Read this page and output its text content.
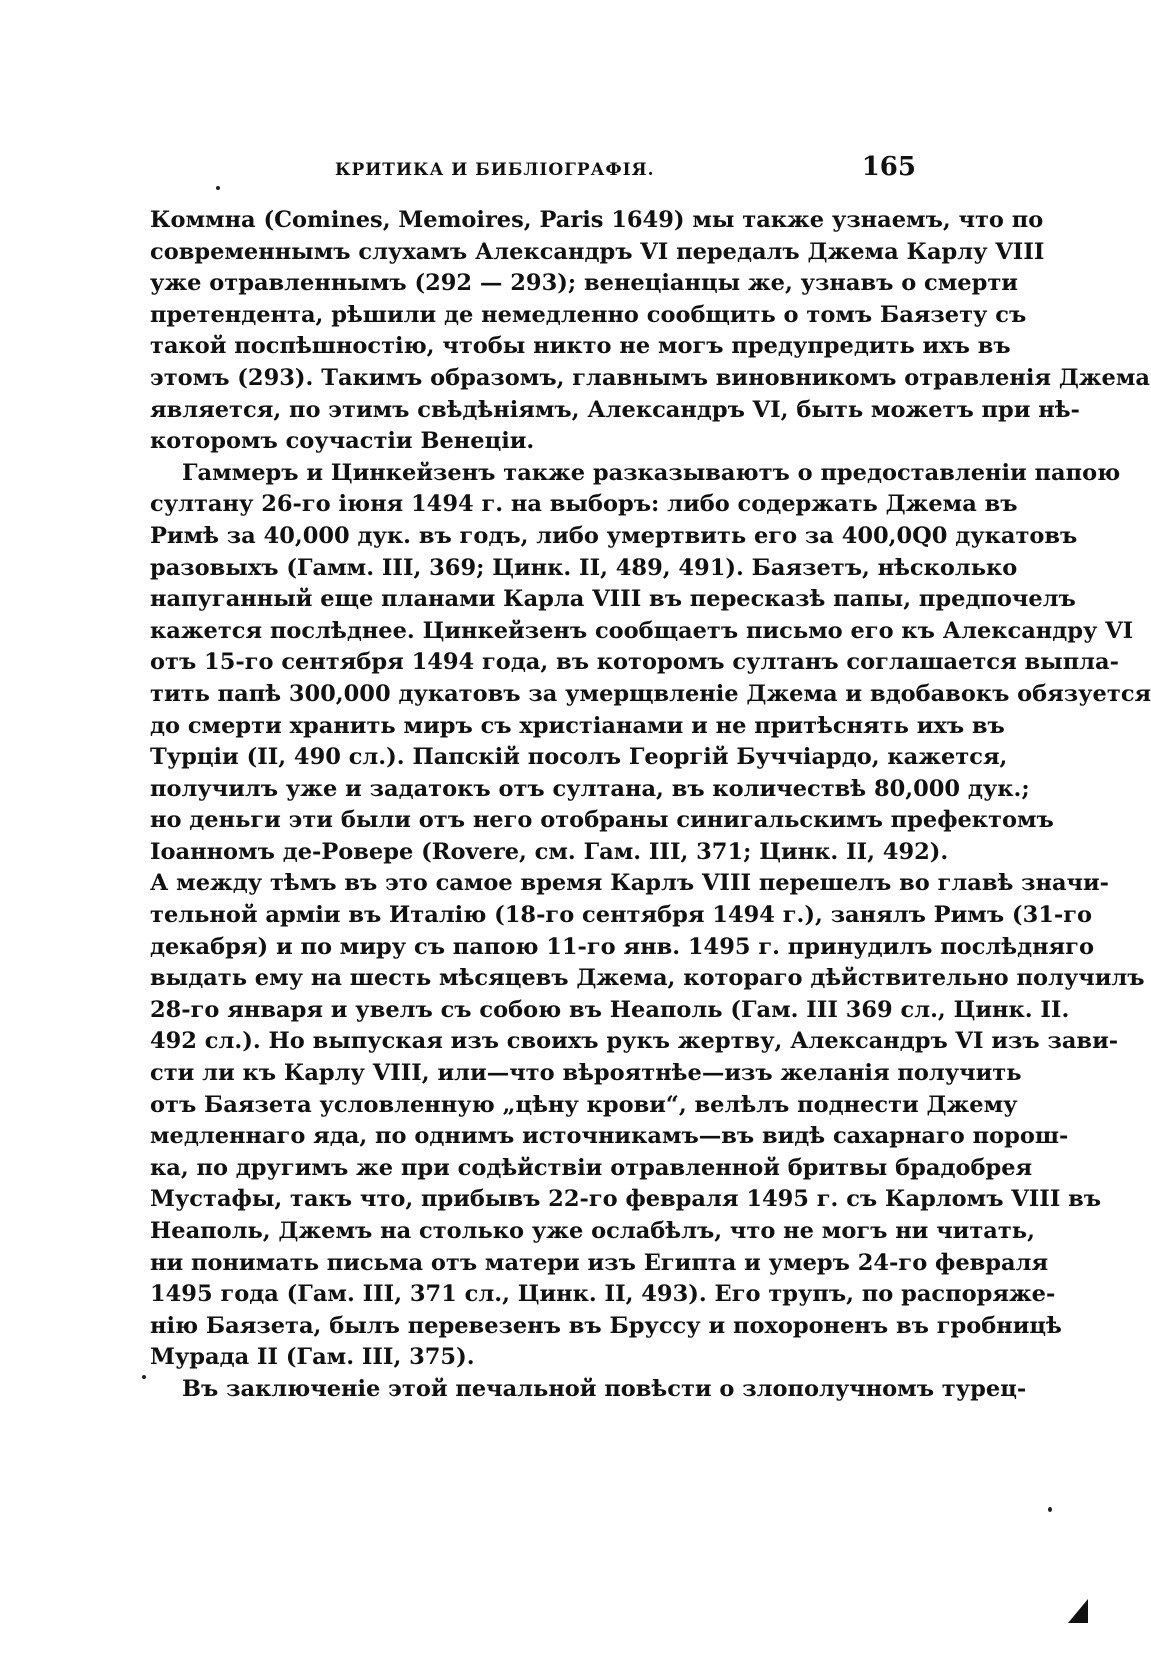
КРИТИКА И БИБЛІОГРАФІЯ.	165
Коммна (Comines, Memoires, Paris 1649) мы также узнаемъ, что по
современнымъ слухамъ Александръ VI передалъ Джема Карлу VIII
уже отравленнымъ (292 — 293); венеціанцы же, узнавъ о смерти
претендента, рѣшили де немедленно сообщить о томъ Баязету съ
такой поспѣшностію, чтобы никто не могъ предупредить ихъ въ
этомъ (293). Такимъ образомъ, главнымъ виновникомъ отравленія Джема
является, по этимъ свѣдѣніямъ, Александръ VI, быть можетъ при нѣ-
которомъ соучастіи Венеціи.
Гаммеръ и Цинкейзенъ также разказываютъ о предоставленіи папою
султану 26-го іюня 1494 г. на выборъ: либо содержать Джема въ
Римѣ за 40,000 дук. въ годъ, либо умертвить его за 400,0Q0 дукатовъ
разовыхъ (Гамм. III, 369; Цинк. II, 489, 491). Баязетъ, нѣсколько
напуганный еще планами Карла VIII въ пересказѣ папы, предпочелъ
кажется послѣднее. Цинкейзенъ сообщаетъ письмо его къ Александру VI
отъ 15-го сентября 1494 года, въ которомъ султанъ соглашается выпла-
тить папѣ 300,000 дукатовъ за умерщвленіе Джема и вдобавокъ обязуется
до смерти хранить миръ съ христіанами и не притѣснять ихъ въ
Турціи (II, 490 сл.). Папскій посолъ Георгій Буччіардо, кажется,
получилъ уже и задатокъ отъ султана, въ количествѣ 80,000 дук.;
но деньги эти были отъ него отобраны синигальскимъ префектомъ
Іоанномъ де-Ровере (Rovere, см. Гам. III, 371; Цинк. II, 492).
А между тѣмъ въ это самое время Карлъ VIII перешелъ во главѣ значи-
тельной арміи въ Италію (18-го сентября 1494 г.), занялъ Римъ (31-го
декабря) и по миру съ папою 11-го янв. 1495 г. принудилъ послѣдняго
выдать ему на шесть мѣсяцевъ Джема, котораго дѣйствительно получилъ
28-го января и увелъ съ собою въ Неаполь (Гам. III 369 сл., Цинк. II.
492 сл.). Но выпуская изъ своихъ рукъ жертву, Александръ VI изъ зави-
сти ли къ Карлу VIII, или—что вѣроятнѣе—изъ желанія получить
отъ Баязета условленную „цѣну крови“, велѣлъ поднести Джему
медленнаго яда, по однимъ источникамъ—въ видѣ сахарнаго порош-
ка, по другимъ же при содѣйствіи отравленной бритвы брадобрея
Мустафы, такъ что, прибывъ 22-го февраля 1495 г. съ Карломъ VIII въ
Неаполь, Джемъ на столько уже ослабѣлъ, что не могъ ни читать,
ни понимать письма отъ матери изъ Египта и умеръ 24-го февраля
1495 года (Гам. III, 371 сл., Цинк. II, 493). Его трупъ, по распоряже-
нію Баязета, былъ перевезенъ въ Бруссу и похороненъ въ гробницѣ
Мурада II (Гам. III, 375).
Въ заключеніе этой печальной повѣсти о злополучномъ турец-
